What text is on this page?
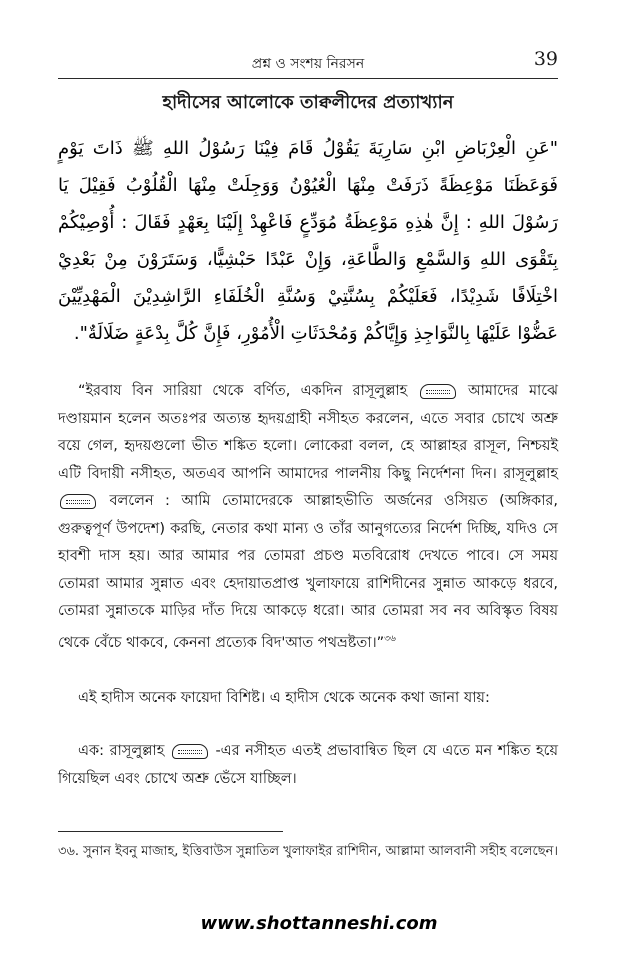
প্রশ্ন ও সংশয় নিরসন	39
হাদীসের আলোকে তাক্বলীদের প্রত্যাখ্যান
"عَنِ الْعِرْبَاضِ ابْنِ سَارِيَةَ يَقُوْلُ قَامَ فِيْنَا رَسُوْلُ اللهِ ﷺ ذَاتَ يَوْمٍ فَوَعَظَنَا مَوْعِظَةً ذَرَفَتْ مِنْهَا الْعُيُوْنُ وَوَجِلَتْ مِنْهَا الْقُلُوْبُ فَقِيْلَ يَا رَسُوْلَ اللهِ : إِنَّ هٰذِهِ مَوْعِظَةُ مُوَدِّعٍ فَاعْهِدْ إِلَيْنَا بِعَهْدٍ فَقَالَ : أُوْصِيْكُمْ بِتَقْوَى اللهِ وَالسَّمْعِ وَالطَّاعَةِ، وَإِنْ عَبْدًا حَبْشِيًّا، وَسَتَرَوْنَ مِنْ بَعْدِيْ اخْتِلَافًا شَدِيْدًا، فَعَلَيْكُمْ بِسُنَّتِيْ وَسُنَّةِ الْخُلَفَاءِ الرَّاشِدِيْنَ الْمَهْدِيِّيْنَ عَضُّوْا عَلَيْهَا بِالنَّوَاجِذِ وَإِيَّاكُمْ وَمُحْدَثَاتِ الْأُمُوْرِ، فَإِنَّ كُلَّ بِدْعَةٍ ضَلَالَةٌ".
“ইরবায বিন সারিয়া থেকে বর্ণিত, একদিন রাসূলুল্লাহ	আমাদের মাঝে দণ্ডায়মান হলেন অতঃপর অত্যন্ত হৃদয়গ্রাহী নসীহত করলেন, এতে সবার চোখে অশ্রু বয়ে গেল, হৃদয়গুলো ভীত শঙ্কিত হলো। লোকেরা বলল, হে আল্লাহর রাসূল, নিশ্চয়ই এটি বিদায়ী নসীহত, অতএব আপনি আমাদের পালনীয় কিছু নির্দেশনা দিন। রাসূলুল্লাহ  বললেন : আমি তোমাদেরকে আল্লাহভীতি অর্জনের ওসিয়ত (অঙ্গিকার, গুরুত্বপূর্ণ উপদেশ) করছি, নেতার কথা মান্য ও তাঁর আনুগত্যের নির্দেশ দিচ্ছি, যদিও সে হাবশী দাস হয়। আর আমার পর তোমরা প্রচণ্ড মতবিরোধ দেখতে পাবে। সে সময় তোমরা আমার সুন্নাত এবং হেদায়াতপ্রাপ্ত খুলাফায়ে রাশিদীনের সুন্নাত আকড়ে ধরবে, তোমরা সুন্নাতকে মাড়ির দাঁত দিয়ে আকড়ে ধরো। আর তোমরা সব নব অবিস্কৃত বিষয় থেকে বেঁচে থাকবে, কেননা প্রত্যেক বিদ'আত পথভ্রষ্টতা।”$^{৩৬}$
এই হাদীস অনেক ফায়েদা বিশিষ্ট। এ হাদীস থেকে অনেক কথা জানা যায়:
এক: রাসূলুল্লাহ	-এর নসীহত এতই প্রভাবান্বিত ছিল যে এতে মন শঙ্কিত হয়ে গিয়েছিল এবং চোখে অশ্রু ভেঁসে যাচ্ছিল।
৩৬. সুনান ইবনু মাজাহ, ইত্তিবাউস সুন্নাতিল খুলাফাইর রাশিদীন, আল্লামা আলবানী সহীহ বলেছেন।
www.shottanneshi.com
